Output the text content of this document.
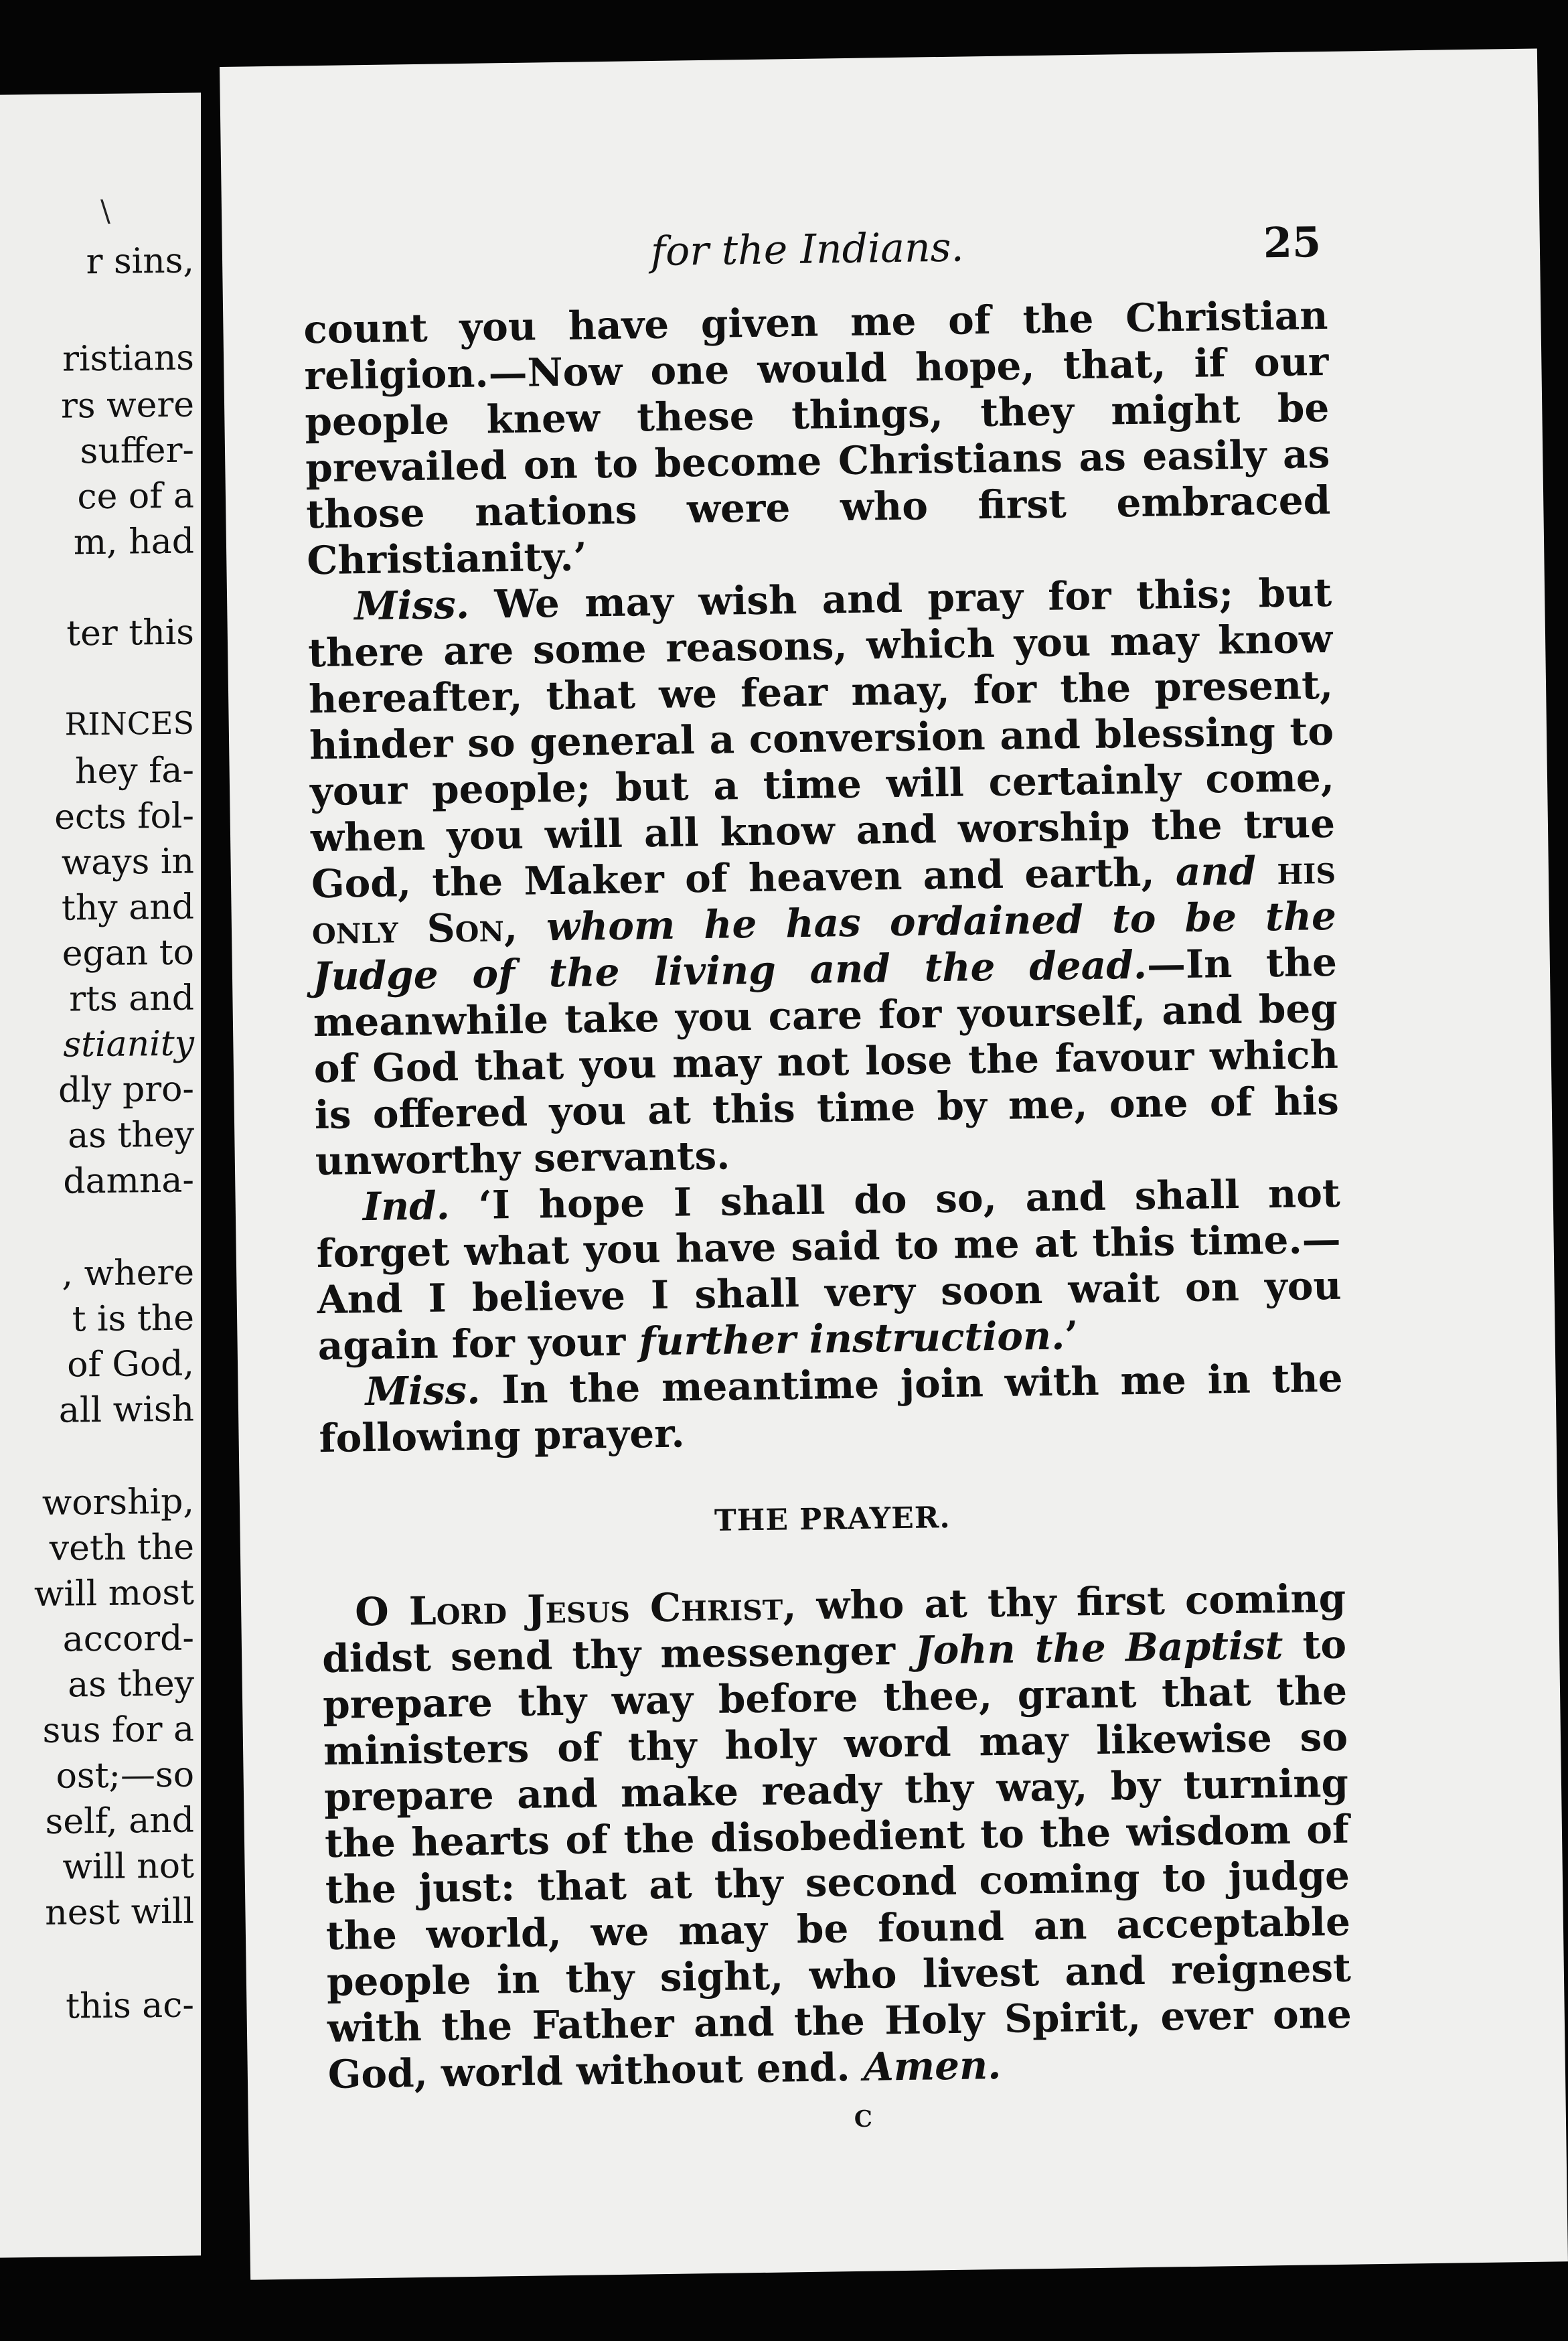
r sins,
ristians
rs were
suffer-
ce of a
m, had
ter this
RINCES
hey fa-
ects fol-
ways in
thy and
egan to
rts and
stianity
dly pro-
as they
damna-
, where
t is the
of God,
all wish
worship,
veth the
will most
accord-
as they
sus for a
ost;—so
self, and
will not
nest will
this ac-
for the Indians.	25

count you have given me of the Christian religion.—Now one would hope, that, if our people knew these things, they might be prevailed on to become Christians as easily as those nations were who first embraced Christianity.’

Miss. We may wish and pray for this; but there are some reasons, which you may know hereafter, that we fear may, for the present, hinder so general a conversion and blessing to your people; but a time will certainly come, when you will all know and worship the true God, the Maker of heaven and earth, and his only Son, whom he has ordained to be the Judge of the living and the dead.—In the meanwhile take you care for yourself, and beg of God that you may not lose the favour which is offered you at this time by me, one of his unworthy servants.

Ind. ‘I hope I shall do so, and shall not forget what you have said to me at this time.—And I believe I shall very soon wait on you again for your further instruction.’

Miss. In the meantime join with me in the following prayer.

THE PRAYER.

O Lord Jesus Christ, who at thy first coming didst send thy messenger John the Baptist to prepare thy way before thee, grant that the ministers of thy holy word may likewise so prepare and make ready thy way, by turning the hearts of the disobedient to the wisdom of the just: that at thy second coming to judge the world, we may be found an acceptable people in thy sight, who livest and reignest with the Father and the Holy Spirit, ever one God, world without end. Amen.

c
\
